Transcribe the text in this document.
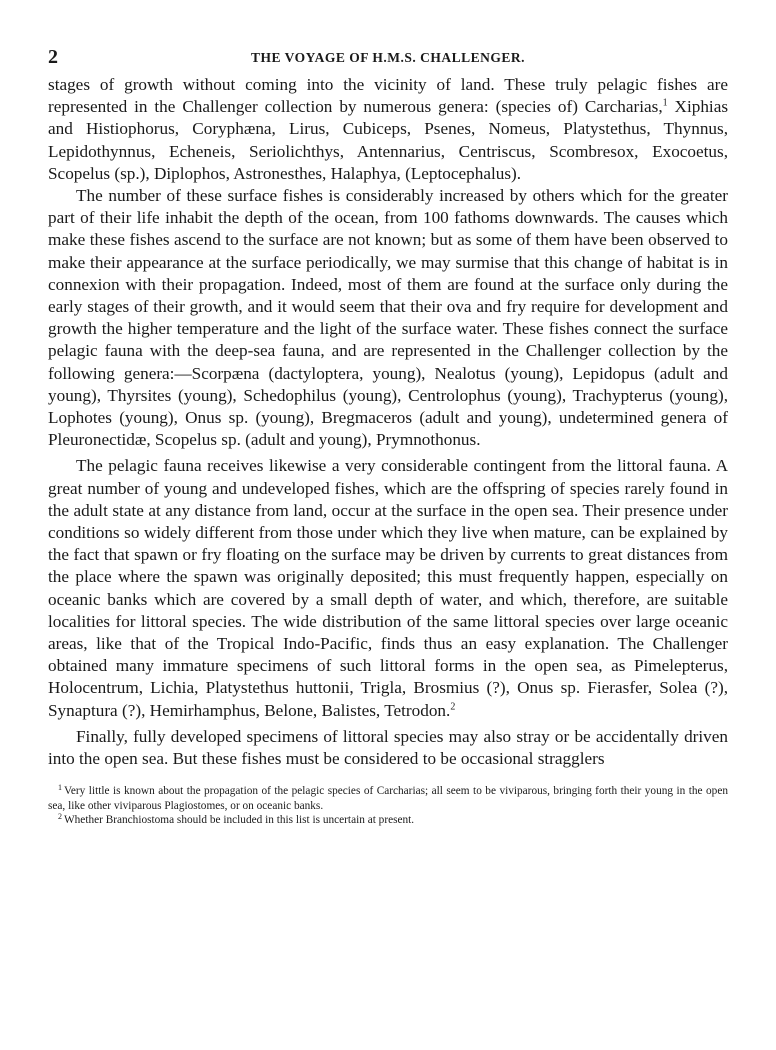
2	THE VOYAGE OF H.M.S. CHALLENGER.

stages of growth without coming into the vicinity of land. These truly pelagic fishes are represented in the Challenger collection by numerous genera: (species of) Carcharias,$^1$ Xiphias and Histiophorus, Coryphæna, Lirus, Cubiceps, Psenes, Nomeus, Platystethus, Thynnus, Lepidothynnus, Echeneis, Seriolichthys, Antennarius, Centriscus, Scombresox, Exocoetus, Scopelus (sp.), Diplophos, Astronesthes, Halaphya, (Leptocephalus).

The number of these surface fishes is considerably increased by others which for the greater part of their life inhabit the depth of the ocean, from 100 fathoms downwards. The causes which make these fishes ascend to the surface are not known; but as some of them have been observed to make their appearance at the surface periodically, we may surmise that this change of habitat is in connexion with their propagation. Indeed, most of them are found at the surface only during the early stages of their growth, and it would seem that their ova and fry require for development and growth the higher temperature and the light of the surface water. These fishes connect the surface pelagic fauna with the deep-sea fauna, and are represented in the Challenger collection by the following genera:—Scorpæna (dactyloptera, young), Nealotus (young), Lepidopus (adult and young), Thyrsites (young), Schedophilus (young), Centrolophus (young), Trachypterus (young), Lophotes (young), Onus sp. (young), Bregmaceros (adult and young), undetermined genera of Pleuronectidæ, Scopelus sp. (adult and young), Prymnothonus.

The pelagic fauna receives likewise a very considerable contingent from the littoral fauna. A great number of young and undeveloped fishes, which are the offspring of species rarely found in the adult state at any distance from land, occur at the surface in the open sea. Their presence under conditions so widely different from those under which they live when mature, can be explained by the fact that spawn or fry floating on the surface may be driven by currents to great distances from the place where the spawn was originally deposited; this must frequently happen, especially on oceanic banks which are covered by a small depth of water, and which, therefore, are suitable localities for littoral species. The wide distribution of the same littoral species over large oceanic areas, like that of the Tropical Indo-Pacific, finds thus an easy explanation. The Challenger obtained many immature specimens of such littoral forms in the open sea, as Pimelepterus, Holocentrum, Lichia, Platystethus huttonii, Trigla, Brosmius (?), Onus sp. Fierasfer, Solea (?), Synaptura (?), Hemirhamphus, Belone, Balistes, Tetrodon.$^2$

Finally, fully developed specimens of littoral species may also stray or be accidentally driven into the open sea. But these fishes must be considered to be occasional stragglers

$^1$ Very little is known about the propagation of the pelagic species of Carcharias; all seem to be viviparous, bringing forth their young in the open sea, like other viviparous Plagiostomes, or on oceanic banks.

$^2$ Whether Branchiostoma should be included in this list is uncertain at present.
